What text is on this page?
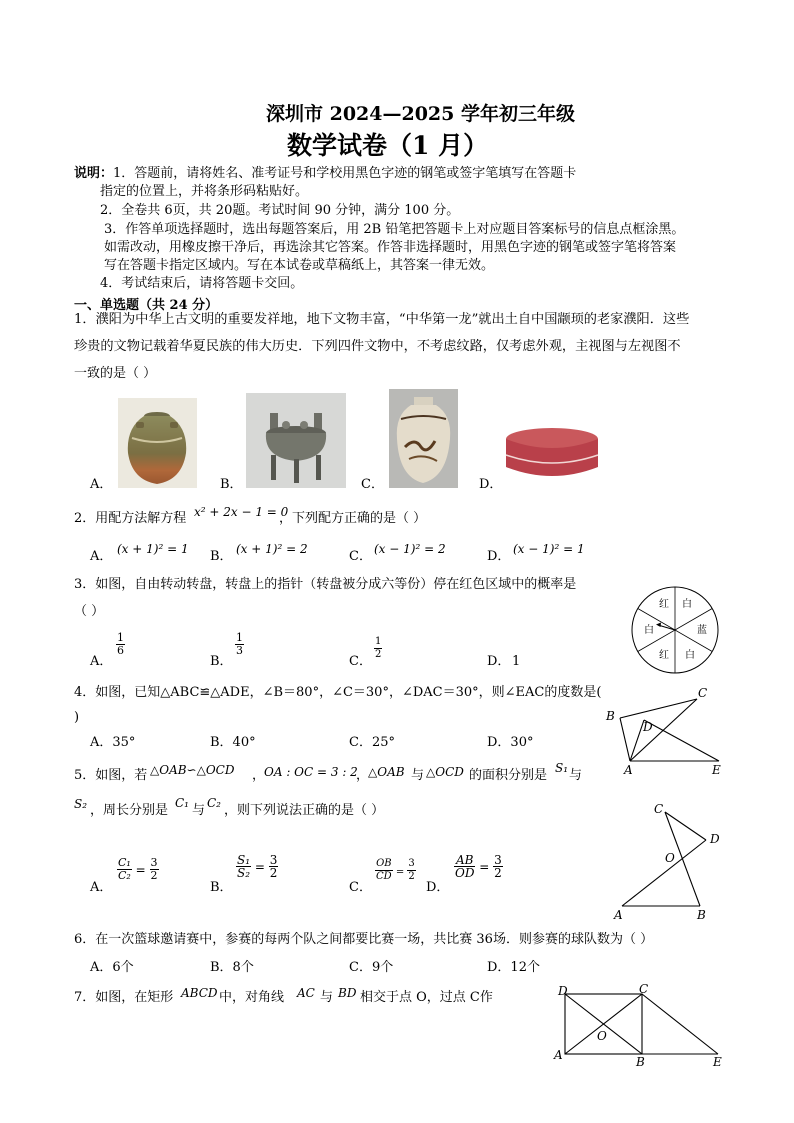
深圳市 2024—2025 学年初三年级
数学试卷（1 月）
说明： 1．答题前，请将姓名、准考证号和学校用黑色字迹的钢笔或签字笔填写在答题卡
指定的位置上，并将条形码粘贴好。
2．全卷共 6页，共 20题。考试时间 90 分钟，满分 100 分。
3．作答单项选择题时，选出每题答案后，用 2B 铅笔把答题卡上对应题目答案标号的信息点框涂黑。
如需改动，用橡皮擦干净后，再选涂其它答案。作答非选择题时，用黑色字迹的钢笔或签字笔将答案
写在答题卡指定区域内。写在本试卷或草稿纸上，其答案一律无效。
4．考试结束后，请将答题卡交回。
一、单选题（共 24 分）
1．濮阳为中华上古文明的重要发祥地，地下文物丰富，“中华第一龙”就出土自中国颛顼的老家濮阳．这些
珍贵的文物记载着华夏民族的伟大历史．下列四件文物中，不考虑纹路，仅考虑外观，主视图与左视图不
一致的是（ ）
A．	B．	C．	D．
2．用配方法解方程 x² + 2x − 1 = 0
，下列配方正确的是（ ）
A． (x + 1)² = 1 B． (x + 1)² = 2	C． (x − 1)² = 2	D． (x − 1)² = 1
3．如图，自由转动转盘，转盘上的指针（转盘被分成六等份）停在红色区域中的概率是
（ ）
A．
$\frac{1}{6}$
B．
$\frac{1}{3}$
C．
$\frac{1}{2}$
D． 1
红 白
蓝
白
红
白
4．如图，已知△ABC≌△ADE，∠B＝80°，∠C＝30°，∠DAC＝30°，则∠EAC的度数是(
)
A．35°	B．40°	C．25°	D．30°
C
B
D
A	E
5．如图，若 △OAB∽△OCD ，
OA : OC = 3 : 2
，
△OAB 与 △OCD 的面积分别是 S₁ 与
S₂ ，周长分别是 C₁ 与 C₂ ，则下列说法正确的是（ ）
A．
$\frac{\text{C₁}}{\text{C₂}} = \frac{3}{2}$
B．
$\frac{\text{S₁}}{\text{S₂}} = \frac{3}{2}$
C．
$\frac{OB}{CD} = \frac{3}{2}$
D．
$\frac{AB}{OD} = \frac{3}{2}$
C
D
O
A	B
6．在一次篮球邀请赛中，参赛的每两个队之间都要比赛一场，共比赛 36场．则参赛的球队数为（ ）
A．6个	B．8个	C．9个	D．12个
7．如图，在矩形 ABCD 中，对角线 AC 与 BD 相交于点 O，过点 C作	D	C
O
A	B	E
